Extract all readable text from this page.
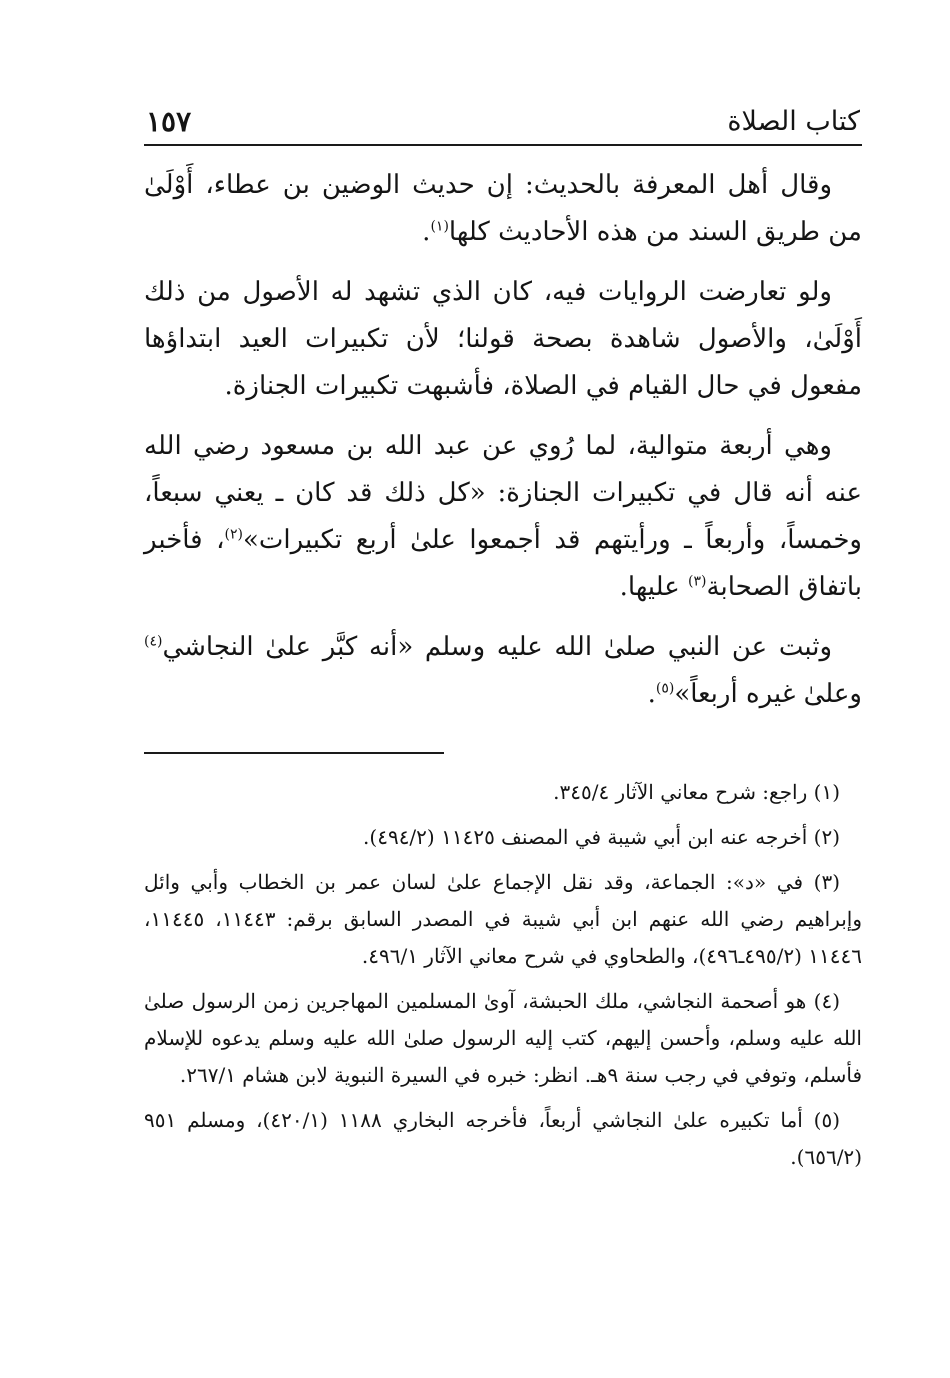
كتاب الصلاة
١٥٧

وقال أهل المعرفة بالحديث: إن حديث الوضين بن عطاء، أَوْلَىٰ من طريق السند من هذه الأحاديث كلها$^{(١)}$.

ولو تعارضت الروايات فيه، كان الذي تشهد له الأصول من ذلك أَوْلَىٰ، والأصول شاهدة بصحة قولنا؛ لأن تكبيرات العيد ابتداؤها مفعول في حال القيام في الصلاة، فأشبهت تكبيرات الجنازة.

وهي أربعة متوالية، لما رُوي عن عبد الله بن مسعود رضي الله عنه أنه قال في تكبيرات الجنازة: «كل ذلك قد كان ـ يعني سبعاً، وخمساً، وأربعاً ـ ورأيتهم قد أجمعوا علىٰ أربع تكبيرات»$^{(٢)}$، فأخبر باتفاق الصحابة$^{(٣)}$ عليها.

وثبت عن النبي صلىٰ الله عليه وسلم «أنه كبَّر علىٰ النجاشي$^{(٤)}$ وعلىٰ غيره أربعاً»$^{(٥)}$.

(١) راجع: شرح معاني الآثار ٣٤٥/٤.

(٢) أخرجه عنه ابن أبي شيبة في المصنف ١١٤٢٥ (٤٩٤/٢).

(٣) في «د»: الجماعة، وقد نقل الإجماع علىٰ لسان عمر بن الخطاب وأبي وائل وإبراهيم رضي الله عنهم ابن أبي شيبة في المصدر السابق برقم: ١١٤٤٣، ١١٤٤٥، ١١٤٤٦ (٤٩٥/٢ـ٤٩٦)، والطحاوي في شرح معاني الآثار ٤٩٦/١.

(٤) هو أصحمة النجاشي، ملك الحبشة، آوىٰ المسلمين المهاجرين زمن الرسول صلىٰ الله عليه وسلم، وأحسن إليهم، كتب إليه الرسول صلىٰ الله عليه وسلم يدعوه للإسلام فأسلم، وتوفي في رجب سنة ٩هـ. انظر: خبره في السيرة النبوية لابن هشام ٢٦٧/١.

(٥) أما تكبيره علىٰ النجاشي أربعاً، فأخرجه البخاري ١١٨٨ (٤٢٠/١)، ومسلم ٩٥١ (٦٥٦/٢).
